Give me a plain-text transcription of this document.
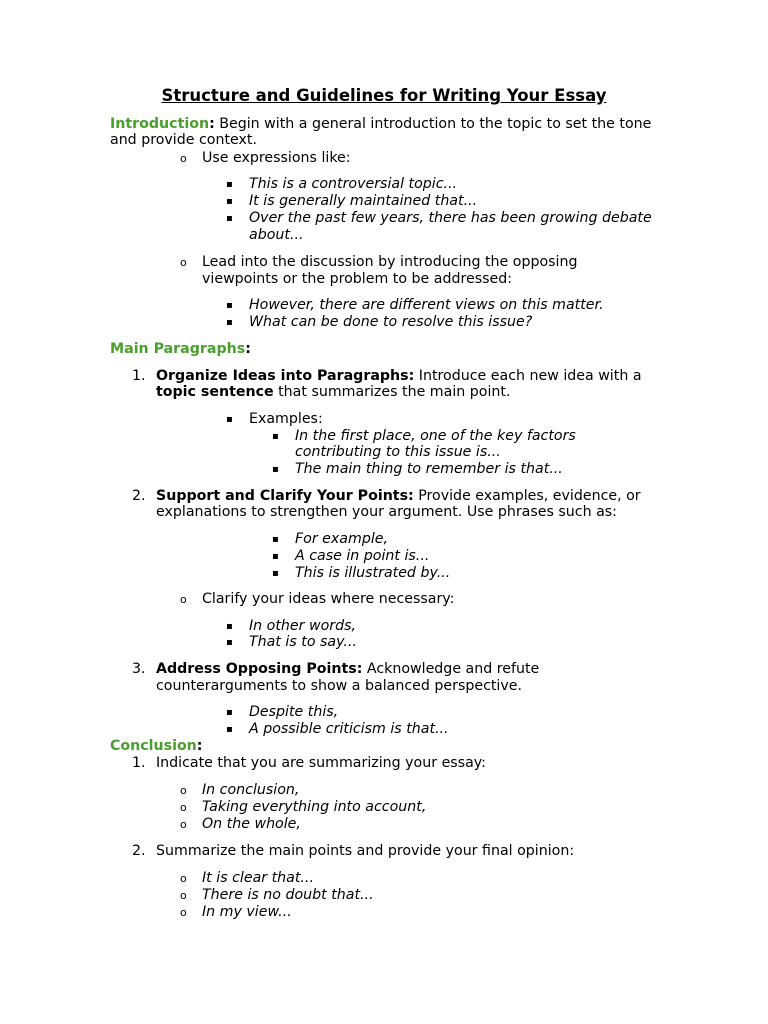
Structure and Guidelines for Writing Your Essay
Introduction: Begin with a general introduction to the topic to set the tone
and provide context.
o Use expressions like:
▪ This is a controversial topic...
▪ It is generally maintained that...
▪ Over the past few years, there has been growing debate
about...
o Lead into the discussion by introducing the opposing
viewpoints or the problem to be addressed:
▪ However, there are different views on this matter.
▪ What can be done to resolve this issue?
Main Paragraphs:
1. Organize Ideas into Paragraphs: Introduce each new idea with a
topic sentence that summarizes the main point.
▪ Examples:
▪ In the first place, one of the key factors
contributing to this issue is...
▪ The main thing to remember is that...
2. Support and Clarify Your Points: Provide examples, evidence, or
explanations to strengthen your argument. Use phrases such as:
▪ For example,
▪ A case in point is...
▪ This is illustrated by...
o Clarify your ideas where necessary:
▪ In other words,
▪ That is to say...
3. Address Opposing Points: Acknowledge and refute
counterarguments to show a balanced perspective.
▪ Despite this,
▪ A possible criticism is that...
Conclusion:
1. Indicate that you are summarizing your essay:
o In conclusion,
o Taking everything into account,
o On the whole,
2. Summarize the main points and provide your final opinion:
o It is clear that...
o There is no doubt that...
o In my view...
